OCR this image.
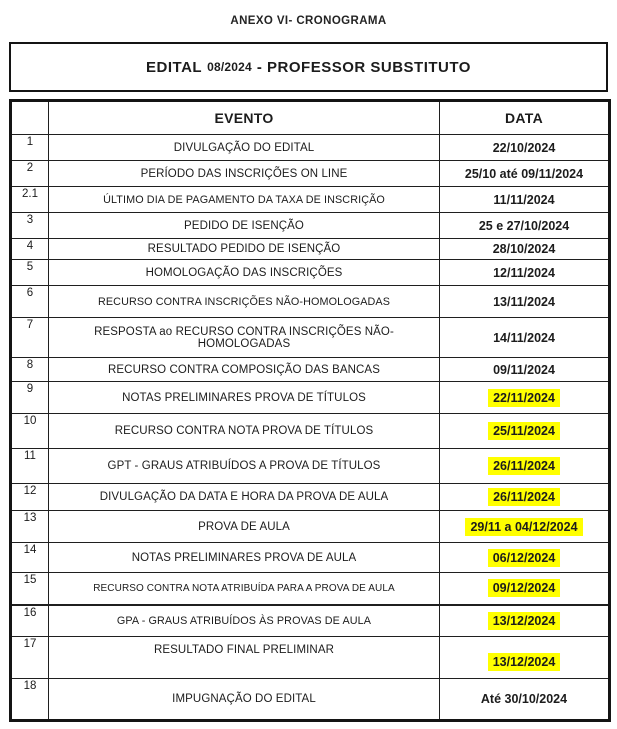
ANEXO VI- CRONOGRAMA
EDITAL 08/2024 - PROFESSOR SUBSTITUTO
	EVENTO	DATA
1	DIVULGAÇÃO DO EDITAL	22/10/2024
2	PERÍODO DAS INSCRIÇÕES ON LINE	25/10 até 09/11/2024
2.1	ÚLTIMO DIA DE PAGAMENTO DA TAXA DE INSCRIÇÃO	11/11/2024
3	PEDIDO DE ISENÇÃO	25 e 27/10/2024
4	RESULTADO PEDIDO DE ISENÇÃO	28/10/2024
5	HOMOLOGAÇÃO DAS INSCRIÇÕES	12/11/2024
6	RECURSO CONTRA INSCRIÇÕES NÃO-HOMOLOGADAS	13/11/2024
7	RESPOSTA ao RECURSO CONTRA INSCRIÇÕES NÃO-HOMOLOGADAS	14/11/2024
8	RECURSO CONTRA COMPOSIÇÃO DAS BANCAS	09/11/2024
9	NOTAS PRELIMINARES PROVA DE TÍTULOS	22/11/2024
10	RECURSO CONTRA NOTA PROVA DE TÍTULOS	25/11/2024
11	GPT - GRAUS ATRIBUÍDOS A PROVA DE TÍTULOS	26/11/2024
12	DIVULGAÇÃO DA DATA E HORA DA PROVA DE AULA	26/11/2024
13	PROVA DE AULA	29/11 a 04/12/2024
14	NOTAS PRELIMINARES PROVA DE AULA	06/12/2024
15	RECURSO CONTRA NOTA ATRIBUÍDA PARA A PROVA DE AULA	09/12/2024
16	GPA - GRAUS ATRIBUÍDOS ÀS PROVAS DE AULA	13/12/2024
17	RESULTADO FINAL PRELIMINAR	13/12/2024
18	IMPUGNAÇÃO DO EDITAL	Até 30/10/2024
